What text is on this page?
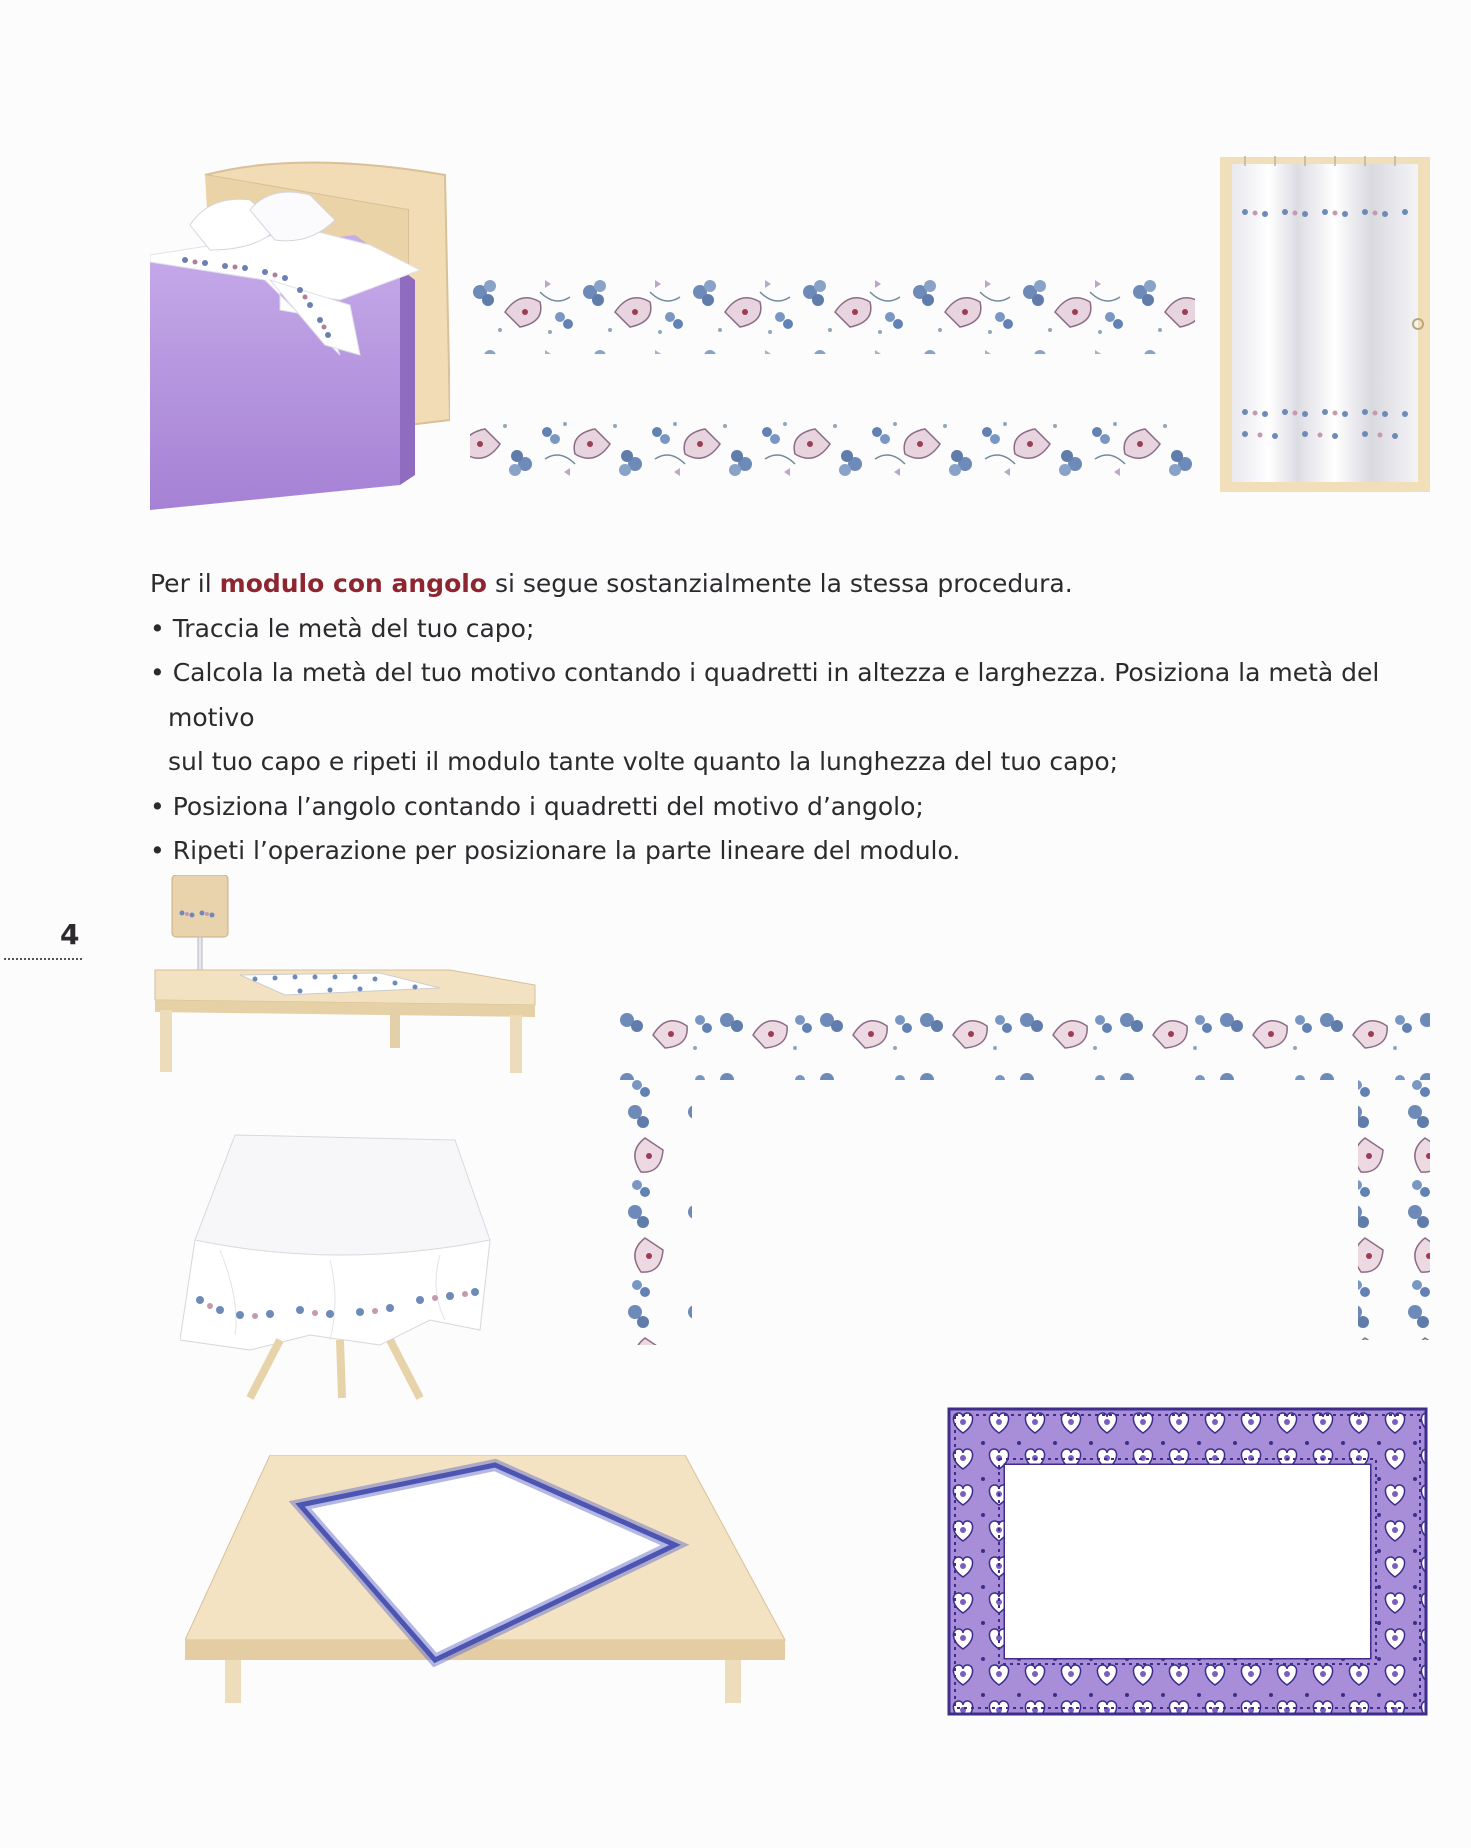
Per il modulo con angolo si segue sostanzialmente la stessa procedura.

• Traccia le metà del tuo capo;

• Calcola la metà del tuo motivo contando i quadretti in altezza e larghezza. Posiziona la metà del motivo

sul tuo capo e ripeti il modulo tante volte quanto la lunghezza del tuo capo;

• Posiziona l’angolo contando i quadretti del motivo d’angolo;

• Ripeti l’operazione per posizionare la parte lineare del modulo.

4
